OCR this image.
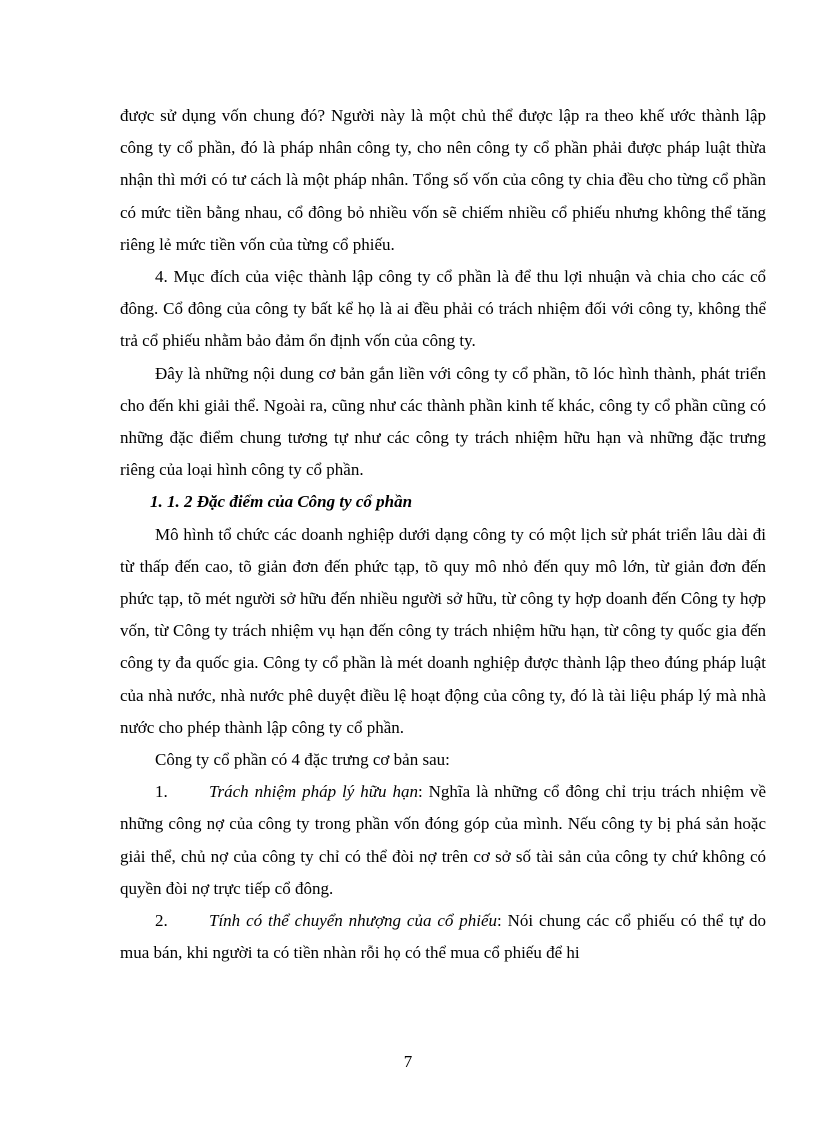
được sử dụng vốn chung đó? Người này là một chủ thể được lập ra theo khế ước thành lập công ty cổ phần, đó là pháp nhân công ty, cho nên công ty cổ phần phải được pháp luật thừa nhận thì mới có tư cách là một pháp nhân. Tổng số vốn của công ty chia đều cho từng cổ phần có mức tiền bằng nhau, cổ đông bỏ nhiều vốn sẽ chiếm nhiều cổ phiếu nhưng không thể tăng riêng lẻ mức tiền vốn của từng cổ phiếu.

4. Mục đích của việc thành lập công ty cổ phần là để thu lợi nhuận và chia cho các cổ đông. Cổ đông của công ty bất kể họ là ai đều phải có trách nhiệm đối với công ty, không thể trả cổ phiếu nhằm bảo đảm ổn định vốn của công ty.

Đây là những nội dung cơ bản gắn liền với công ty cổ phần, tõ lóc hình thành, phát triển cho đến khi giải thể. Ngoài ra, cũng như các thành phần kinh tế khác, công ty cổ phần cũng có những đặc điểm chung tương tự như các công ty trách nhiệm hữu hạn và những đặc trưng riêng của loại hình công ty cổ phần.

1. 1. 2 Đặc điểm của Công ty cổ phần

Mô hình tổ chức các doanh nghiệp dưới dạng công ty có một lịch sử phát triển lâu dài đi từ thấp đến cao, tõ giản đơn đến phức tạp, tõ quy mô nhỏ đến quy mô lớn, từ giản đơn đến phức tạp, tõ mét người sở hữu đến nhiều người sở hữu, từ công ty hợp doanh đến Công ty hợp vốn, từ Công ty trách nhiệm vụ hạn đến công ty trách nhiệm hữu hạn, từ công ty quốc gia đến công ty đa quốc gia. Công ty cổ phần là mét doanh nghiệp được thành lập theo đúng pháp luật của nhà nước, nhà nước phê duyệt điều lệ hoạt động của công ty, đó là tài liệu pháp lý mà nhà nước cho phép thành lập công ty cổ phần.

Công ty cổ phần có 4 đặc trưng cơ bản sau:

1. Trách nhiệm pháp lý hữu hạn: Nghĩa là những cổ đông chỉ trịu trách nhiệm về những công nợ của công ty trong phần vốn đóng góp của mình. Nếu công ty bị phá sản hoặc giải thể, chủ nợ của công ty chỉ có thể đòi nợ trên cơ sở số tài sản của công ty chứ không có quyền đòi nợ trực tiếp cổ đông.

2. Tính có thể chuyển nhượng của cổ phiếu: Nói chung các cổ phiếu có thể tự do mua bán, khi người ta có tiền nhàn rỗi họ có thể mua cổ phiếu để hi

7
